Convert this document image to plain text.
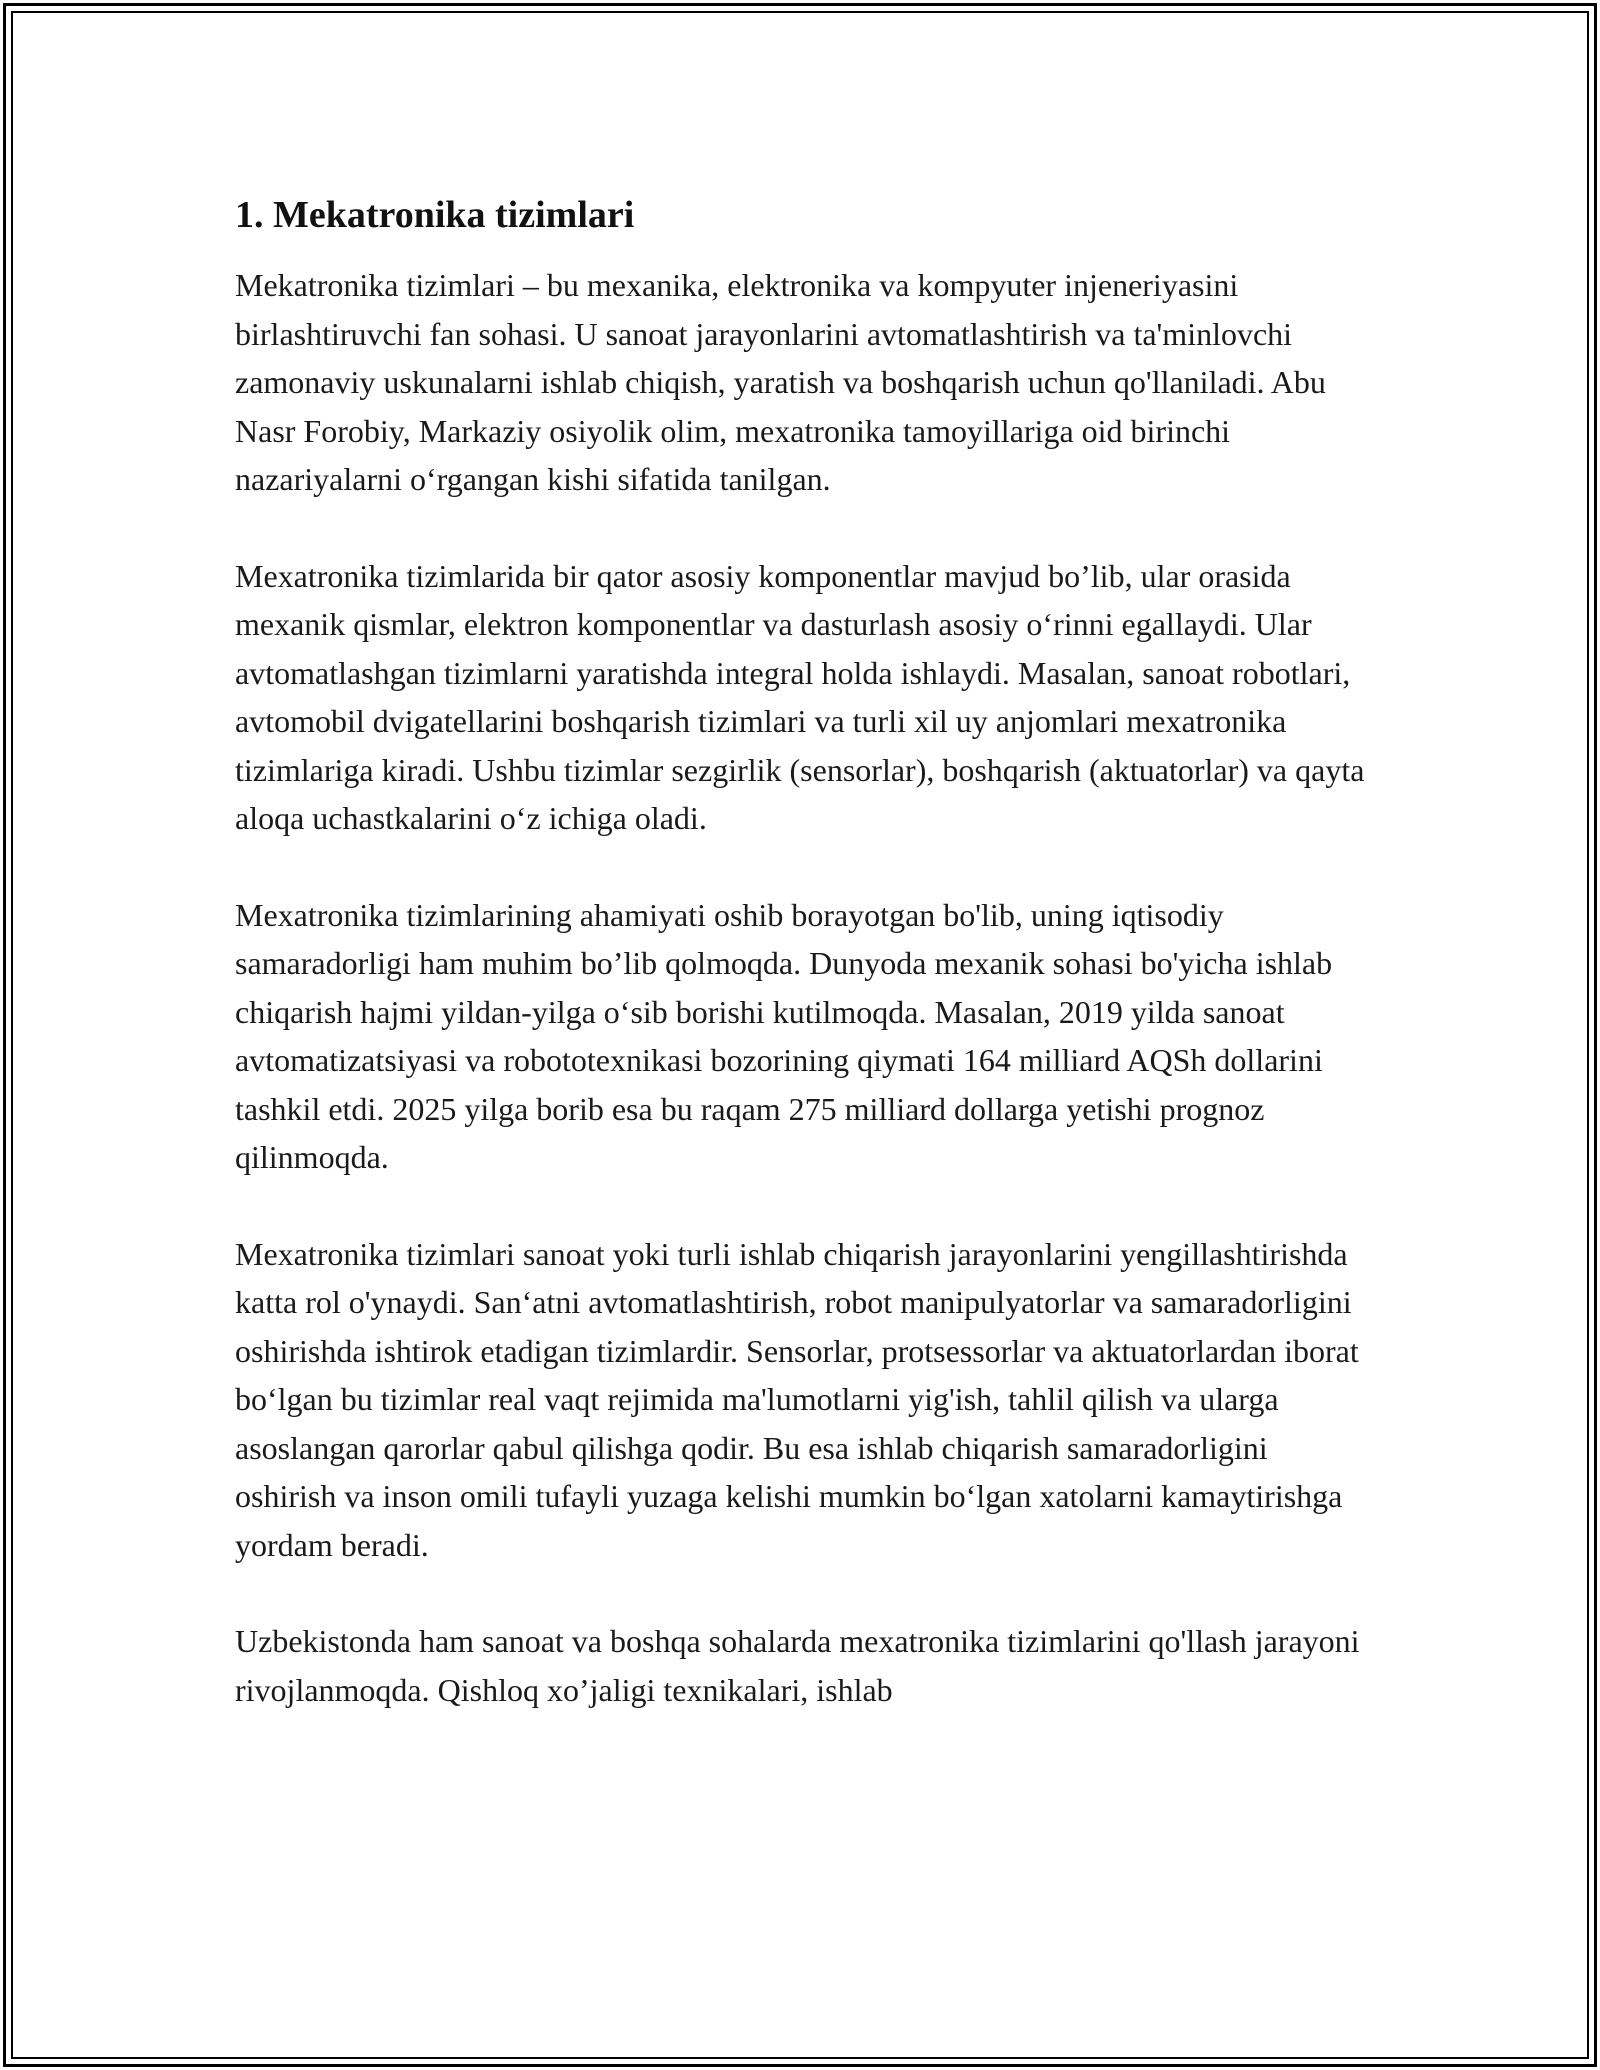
1. Mekatronika tizimlari

Mekatronika tizimlari – bu mexanika, elektronika va kompyuter injeneriyasini birlashtiruvchi fan sohasi. U sanoat jarayonlarini avtomatlashtirish va ta'minlovchi zamonaviy uskunalarni ishlab chiqish, yaratish va boshqarish uchun qo'llaniladi. Abu Nasr Forobiy, Markaziy osiyolik olim, mexatronika tamoyillariga oid birinchi nazariyalarni o‘rgangan kishi sifatida tanilgan.

Mexatronika tizimlarida bir qator asosiy komponentlar mavjud bo’lib, ular orasida mexanik qismlar, elektron komponentlar va dasturlash asosiy o‘rinni egallaydi. Ular avtomatlashgan tizimlarni yaratishda integral holda ishlaydi. Masalan, sanoat robotlari, avtomobil dvigatellarini boshqarish tizimlari va turli xil uy anjomlari mexatronika tizimlariga kiradi. Ushbu tizimlar sezgirlik (sensorlar), boshqarish (aktuatorlar) va qayta aloqa uchastkalarini o‘z ichiga oladi.

Mexatronika tizimlarining ahamiyati oshib borayotgan bo'lib, uning iqtisodiy samaradorligi ham muhim bo’lib qolmoqda. Dunyoda mexanik sohasi bo'yicha ishlab chiqarish hajmi yildan-yilga o‘sib borishi kutilmoqda. Masalan, 2019 yilda sanoat avtomatizatsiyasi va robototexnikasi bozorining qiymati 164 milliard AQSh dollarini tashkil etdi. 2025 yilga borib esa bu raqam 275 milliard dollarga yetishi prognoz qilinmoqda.

Mexatronika tizimlari sanoat yoki turli ishlab chiqarish jarayonlarini yengillashtirishda katta rol o'ynaydi. San‘atni avtomatlashtirish, robot manipulyatorlar va samaradorligini oshirishda ishtirok etadigan tizimlardir. Sensorlar, protsessorlar va aktuatorlardan iborat bo‘lgan bu tizimlar real vaqt rejimida ma'lumotlarni yig'ish, tahlil qilish va ularga asoslangan qarorlar qabul qilishga qodir. Bu esa ishlab chiqarish samaradorligini oshirish va inson omili tufayli yuzaga kelishi mumkin bo‘lgan xatolarni kamaytirishga yordam beradi.

Uzbekistonda ham sanoat va boshqa sohalarda mexatronika tizimlarini qo'llash jarayoni rivojlanmoqda. Qishloq xo’jaligi texnikalari, ishlab
